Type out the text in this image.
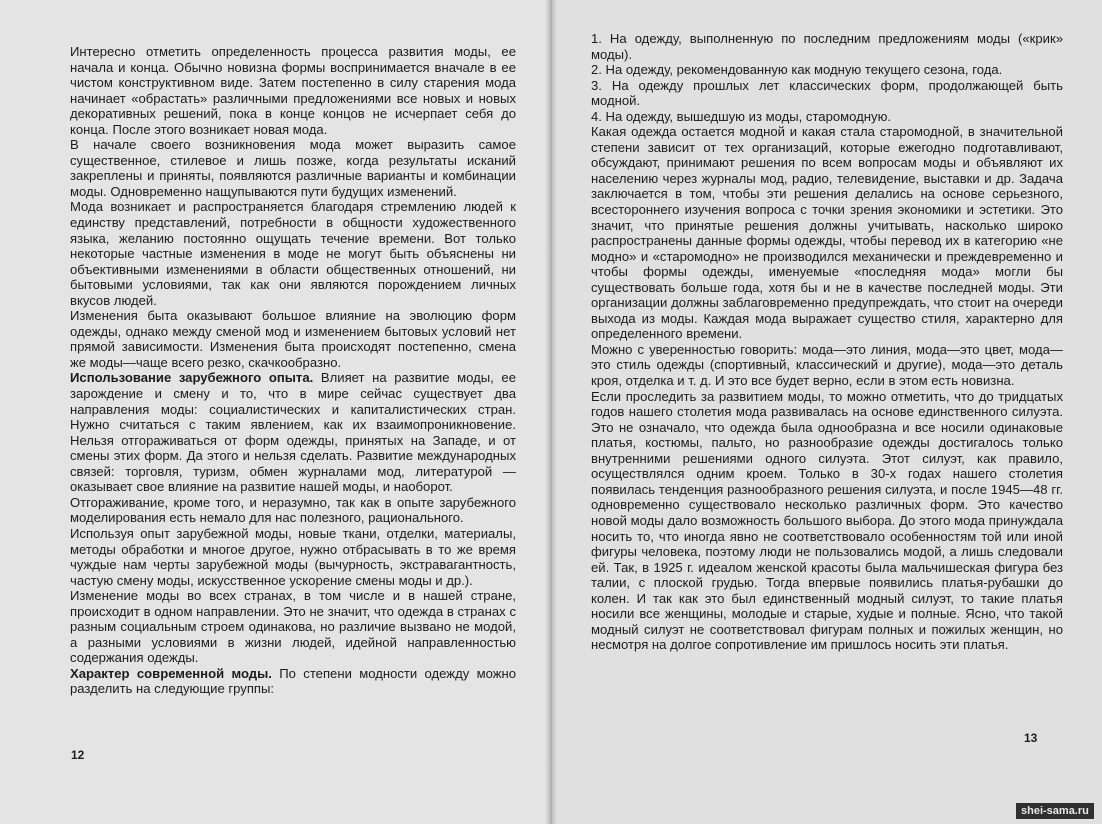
Интересно отметить определенность процесса развития моды, ее начала и конца. Обычно новизна формы воспринимается вначале в ее чистом конструктивном виде. Затем постепенно в силу старения мода начинает «обрастать» различными предложениями все новых и новых декоративных решений, пока в конце концов не исчерпает себя до конца. После этого возникает новая мода.

В начале своего возникновения мода может выразить самое существенное, стилевое и лишь позже, когда результаты исканий закреплены и приняты, появляются различные варианты и комбинации моды. Одновременно нащупываются пути будущих изменений.

Мода возникает и распространяется благодаря стремлению людей к единству представлений, потребности в общности художественного языка, желанию постоянно ощущать течение времени. Вот только некоторые частные изменения в моде не могут быть объяснены ни объективными изменениями в области общественных отношений, ни бытовыми условиями, так как они являются порождением личных вкусов людей.

Изменения быта оказывают большое влияние на эволюцию форм одежды, однако между сменой мод и изменением бытовых условий нет прямой зависимости. Изменения быта происходят постепенно, смена же моды—чаще всего резко, скачкообразно.

Использование зарубежного опыта. Влияет на развитие моды, ее зарождение и смену и то, что в мире сейчас существует два направления моды: социалистических и капиталистических стран. Нужно считаться с таким явлением, как их взаимопроникновение. Нельзя отгораживаться от форм одежды, принятых на Западе, и от смены этих форм. Да этого и нельзя сделать. Развитие международных связей: торговля, туризм, обмен журналами мод, литературой — оказывает свое влияние на развитие нашей моды, и наоборот.

Отгораживание, кроме того, и неразумно, так как в опыте зарубежного моделирования есть немало для нас полезного, рационального.

Используя опыт зарубежной моды, новые ткани, отделки, материалы, методы обработки и многое другое, нужно отбрасывать в то же время чуждые нам черты зарубежной моды (вычурность, экстравагантность, частую смену моды, искусственное ускорение смены моды и др.).

Изменение моды во всех странах, в том числе и в нашей стране, происходит в одном направлении. Это не значит, что одежда в странах с разным социальным строем одинакова, но различие вызвано не модой, а разными условиями в жизни людей, идейной направленностью содержания одежды.

Характер современной моды. По степени модности одежду можно разделить на следующие группы:

12

1. На одежду, выполненную по последним предложениям моды («крик» моды).

2. На одежду, рекомендованную как модную текущего сезона, года.

3. На одежду прошлых лет классических форм, продолжающей быть модной.

4. На одежду, вышедшую из моды, старомодную.

Какая одежда остается модной и какая стала старомодной, в значительной степени зависит от тех организаций, которые ежегодно подготавливают, обсуждают, принимают решения по всем вопросам моды и объявляют их населению через журналы мод, радио, телевидение, выставки и др. Задача заключается в том, чтобы эти решения делались на основе серьезного, всестороннего изучения вопроса с точки зрения экономики и эстетики. Это значит, что принятые решения должны учитывать, насколько широко распространены данные формы одежды, чтобы перевод их в категорию «не модно» и «старомодно» не производился механически и преждевременно и чтобы формы одежды, именуемые «последняя мода» могли бы существовать больше года, хотя бы и не в качестве последней моды. Эти организации должны заблаговременно предупреждать, что стоит на очереди выхода из моды. Каждая мода выражает существо стиля, характерно для определенного времени.

Можно с уверенностью говорить: мода—это линия, мода—это цвет, мода—это стиль одежды (спортивный, классический и другие), мода—это деталь кроя, отделка и т. д. И это все будет верно, если в этом есть новизна.

Если проследить за развитием моды, то можно отметить, что до тридцатых годов нашего столетия мода развивалась на основе единственного силуэта. Это не означало, что одежда была однообразна и все носили одинаковые платья, костюмы, пальто, но разнообразие одежды достигалось только внутренними решениями одного силуэта. Этот силуэт, как правило, осуществлялся одним кроем. Только в 30-х годах нашего столетия появилась тенденция разнообразного решения силуэта, и после 1945—48 гг. одновременно существовало несколько различных форм. Это качество новой моды дало возможность большого выбора. До этого мода принуждала носить то, что иногда явно не соответствовало особенностям той или иной фигуры человека, поэтому люди не пользовались модой, а лишь следовали ей. Так, в 1925 г. идеалом женской красоты была мальчишеская фигура без талии, с плоской грудью. Тогда впервые появились платья-рубашки до колен. И так как это был единственный модный силуэт, то такие платья носили все женщины, молодые и старые, худые и полные. Ясно, что такой модный силуэт не соответствовал фигурам полных и пожилых женщин, но несмотря на долгое сопротивление им пришлось носить эти платья.

13
shei-sama.ru
